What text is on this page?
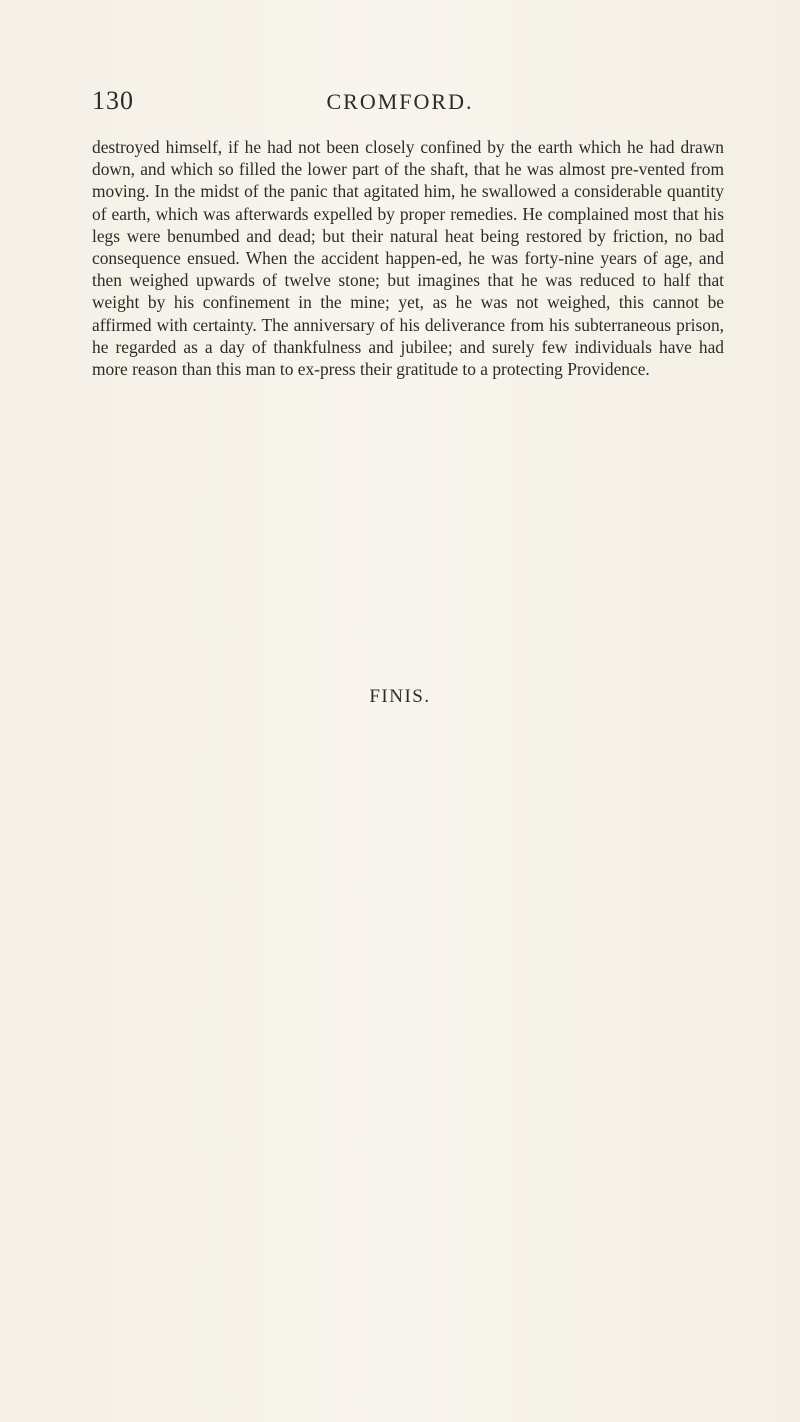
130	CROMFORD.

destroyed himself, if he had not been closely confined by the earth which he had drawn down, and which so filled the lower part of the shaft, that he was almost pre-vented from moving. In the midst of the panic that agitated him, he swallowed a considerable quantity of earth, which was afterwards expelled by proper remedies. He complained most that his legs were benumbed and dead; but their natural heat being restored by friction, no bad consequence ensued. When the accident happen-ed, he was forty-nine years of age, and then weighed upwards of twelve stone; but imagines that he was reduced to half that weight by his confinement in the mine; yet, as he was not weighed, this cannot be affirmed with certainty. The anniversary of his deliverance from his subterraneous prison, he regarded as a day of thankfulness and jubilee; and surely few individuals have had more reason than this man to ex-press their gratitude to a protecting Providence.

FINIS.
